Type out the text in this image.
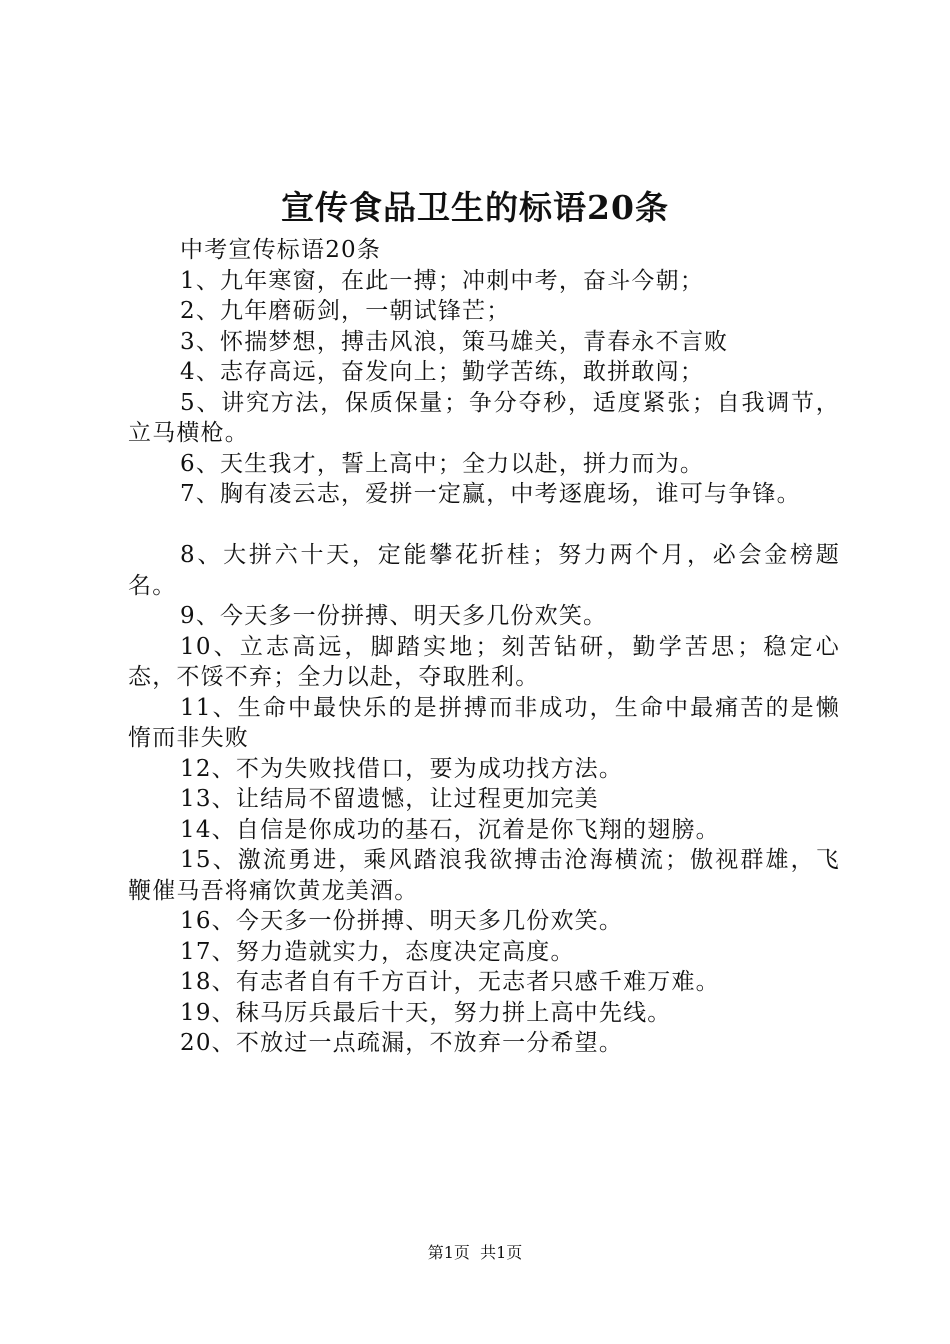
宣传食品卫生的标语20条

中考宣传标语20条

1、九年寒窗，在此一搏；冲刺中考，奋斗今朝；

2、九年磨砺剑，一朝试锋芒；

3、怀揣梦想，搏击风浪，策马雄关，青春永不言败

4、志存高远，奋发向上；勤学苦练，敢拼敢闯；

5、讲究方法，保质保量；争分夺秒，适度紧张；自我调节，立马横枪。

6、天生我才，誓上高中；全力以赴，拼力而为。

7、胸有凌云志，爱拼一定赢，中考逐鹿场，谁可与争锋。

8、大拼六十天，定能攀花折桂；努力两个月，必会金榜题名。

9、今天多一份拼搏、明天多几份欢笑。

10、立志高远，脚踏实地；刻苦钻研，勤学苦思；稳定心态，不馁不弃；全力以赴，夺取胜利。

11、生命中最快乐的是拼搏而非成功，生命中最痛苦的是懒惰而非失败

12、不为失败找借口，要为成功找方法。

13、让结局不留遗憾，让过程更加完美

14、自信是你成功的基石，沉着是你飞翔的翅膀。

15、激流勇进，乘风踏浪我欲搏击沧海横流；傲视群雄，飞鞭催马吾将痛饮黄龙美酒。

16、今天多一份拼搏、明天多几份欢笑。

17、努力造就实力，态度决定高度。

18、有志者自有千方百计，无志者只感千难万难。

19、秣马厉兵最后十天，努力拼上高中先线。

20、不放过一点疏漏，不放弃一分希望。

第1页  共1页
